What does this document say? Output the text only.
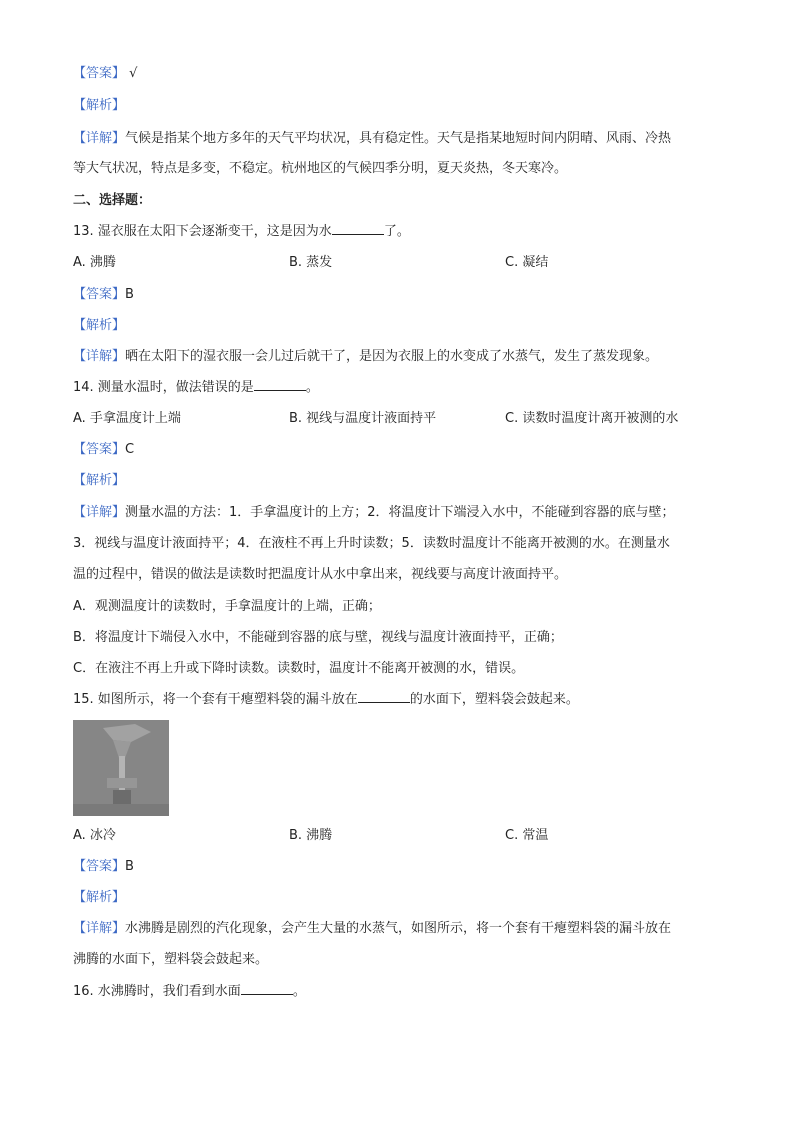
【答案】 √
【解析】
【详解】气候是指某个地方多年的天气平均状况，具有稳定性。天气是指某地短时间内阴晴、风雨、冷热
等大气状况，特点是多变，不稳定。杭州地区的气候四季分明，夏天炎热，冬天寒冷。
二、选择题：
13. 湿衣服在太阳下会逐渐变干，这是因为水	了。
A. 沸腾	B. 蒸发	C. 凝结
【答案】B
【解析】
【详解】晒在太阳下的湿衣服一会儿过后就干了，是因为衣服上的水变成了水蒸气，发生了蒸发现象。
14. 测量水温时，做法错误的是	。
A. 手拿温度计上端	B. 视线与温度计液面持平	C. 读数时温度计离开被测的水
【答案】C
【解析】
【详解】测量水温的方法：1．手拿温度计的上方；2．将温度计下端浸入水中，不能碰到容器的底与壁；
3．视线与温度计液面持平；4．在液柱不再上升时读数；5．读数时温度计不能离开被测的水。在测量水
温的过程中，错误的做法是读数时把温度计从水中拿出来，视线要与高度计液面持平。
A．观测温度计的读数时，手拿温度计的上端，正确；
B．将温度计下端侵入水中，不能碰到容器的底与壁，视线与温度计液面持平，正确；
C．在液注不再上升或下降时读数。读数时，温度计不能离开被测的水，错误。
15. 如图所示，将一个套有干瘪塑料袋的漏斗放在	的水面下，塑料袋会鼓起来。
A. 冰冷	B. 沸腾	C. 常温
【答案】B
【解析】
【详解】水沸腾是剧烈的汽化现象，会产生大量的水蒸气，如图所示，将一个套有干瘪塑料袋的漏斗放在
沸腾的水面下，塑料袋会鼓起来。
16. 水沸腾时，我们看到水面	。
